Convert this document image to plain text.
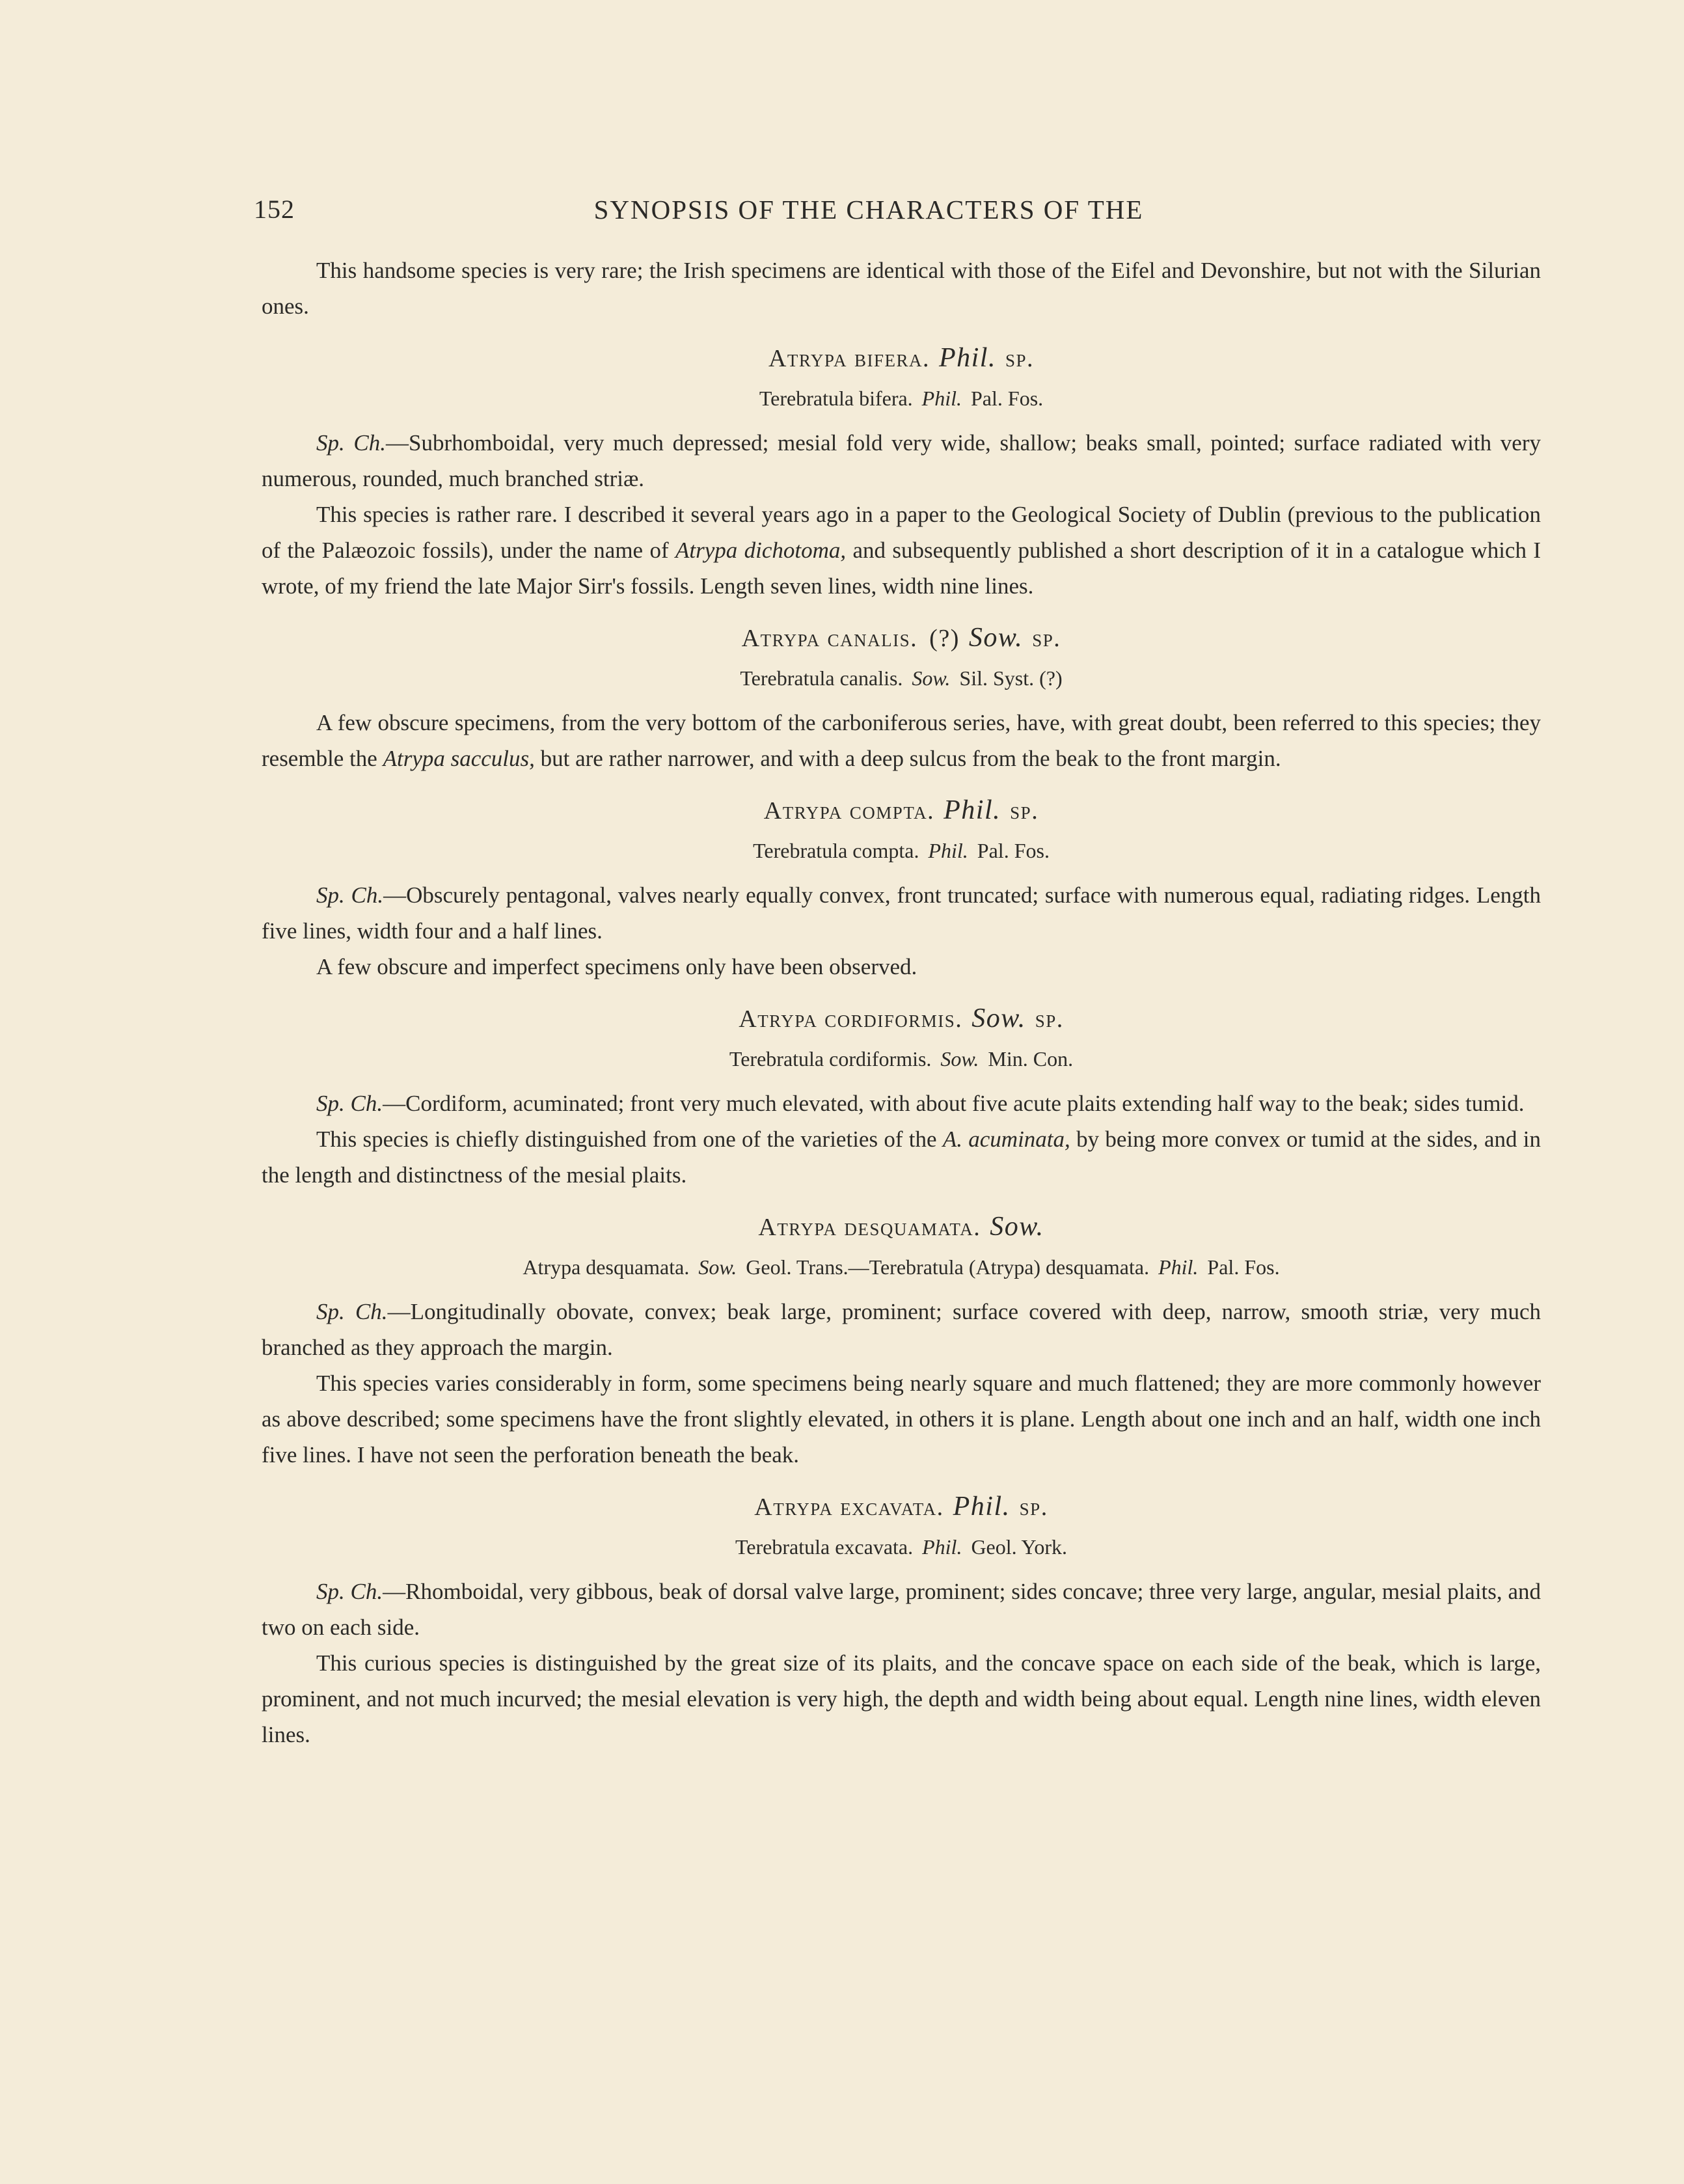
152	SYNOPSIS OF THE CHARACTERS OF THE

This handsome species is very rare; the Irish specimens are identical with those of the Eifel and Devonshire, but not with the Silurian ones.

Atrypa bifera. Phil. sp.
Terebratula bifera. Phil. Pal. Fos.

Sp. Ch.—Subrhomboidal, very much depressed; mesial fold very wide, shallow; beaks small, pointed; surface radiated with very numerous, rounded, much branched striæ.

This species is rather rare. I described it several years ago in a paper to the Geological Society of Dublin (previous to the publication of the Palæozoic fossils), under the name of Atrypa dichotoma, and subsequently published a short description of it in a catalogue which I wrote, of my friend the late Major Sirr's fossils. Length seven lines, width nine lines.

Atrypa canalis. (?) Sow. sp.
Terebratula canalis. Sow. Sil. Syst. (?)

A few obscure specimens, from the very bottom of the carboniferous series, have, with great doubt, been referred to this species; they resemble the Atrypa sacculus, but are rather narrower, and with a deep sulcus from the beak to the front margin.

Atrypa compta. Phil. sp.
Terebratula compta. Phil. Pal. Fos.

Sp. Ch.—Obscurely pentagonal, valves nearly equally convex, front truncated; surface with numerous equal, radiating ridges. Length five lines, width four and a half lines.

A few obscure and imperfect specimens only have been observed.

Atrypa cordiformis. Sow. sp.
Terebratula cordiformis. Sow. Min. Con.

Sp. Ch.—Cordiform, acuminated; front very much elevated, with about five acute plaits extending half way to the beak; sides tumid.

This species is chiefly distinguished from one of the varieties of the A. acuminata, by being more convex or tumid at the sides, and in the length and distinctness of the mesial plaits.

Atrypa desquamata. Sow.
Atrypa desquamata. Sow. Geol. Trans.—Terebratula (Atrypa) desquamata. Phil. Pal. Fos.

Sp. Ch.—Longitudinally obovate, convex; beak large, prominent; surface covered with deep, narrow, smooth striæ, very much branched as they approach the margin.

This species varies considerably in form, some specimens being nearly square and much flattened; they are more commonly however as above described; some specimens have the front slightly elevated, in others it is plane. Length about one inch and an half, width one inch five lines. I have not seen the perforation beneath the beak.

Atrypa excavata. Phil. sp.
Terebratula excavata. Phil. Geol. York.

Sp. Ch.—Rhomboidal, very gibbous, beak of dorsal valve large, prominent; sides concave; three very large, angular, mesial plaits, and two on each side.

This curious species is distinguished by the great size of its plaits, and the concave space on each side of the beak, which is large, prominent, and not much incurved; the mesial elevation is very high, the depth and width being about equal. Length nine lines, width eleven lines.
